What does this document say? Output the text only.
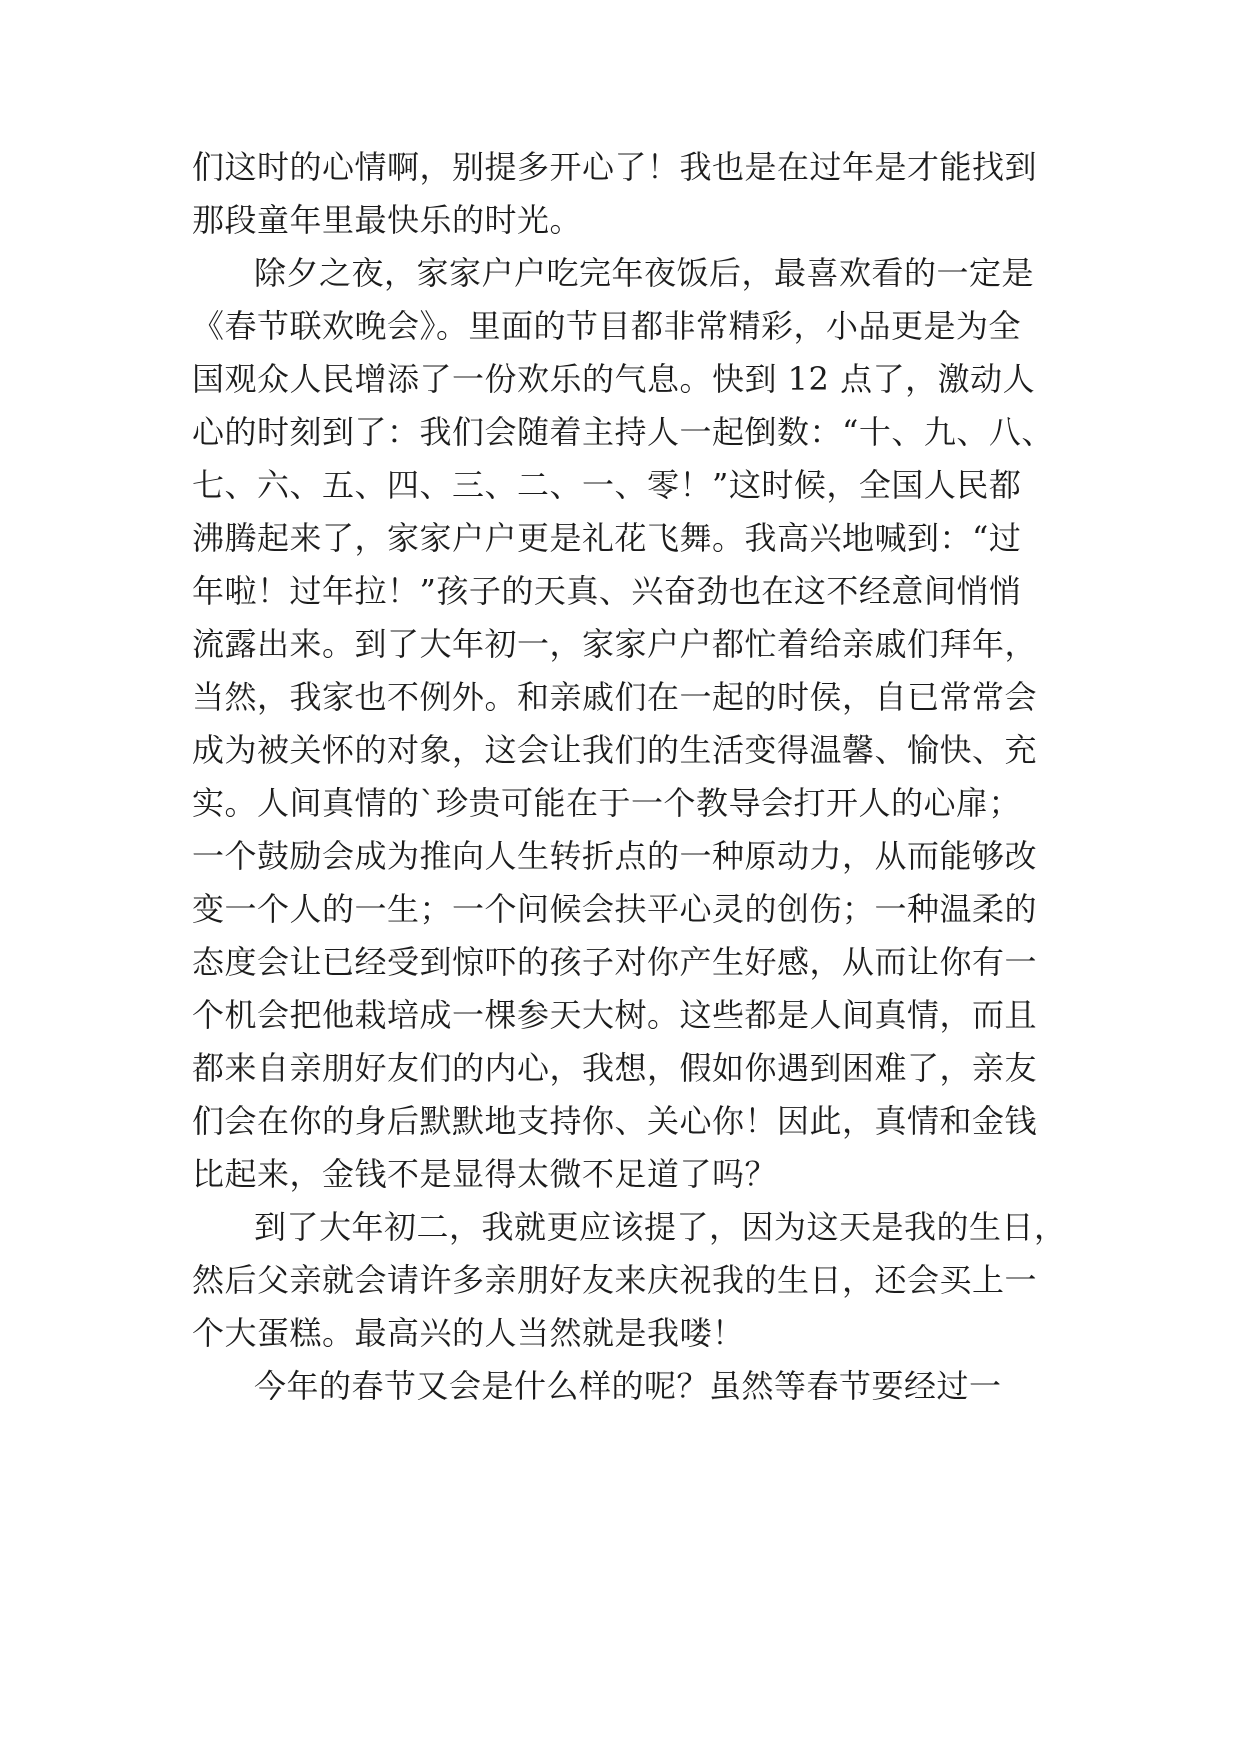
们这时的心情啊，别提多开心了！我也是在过年是才能找到

那段童年里最快乐的时光。

除夕之夜，家家户户吃完年夜饭后，最喜欢看的一定是

《春节联欢晚会》。里面的节目都非常精彩，小品更是为全

国观众人民增添了一份欢乐的气息。快到 12 点了，激动人

心的时刻到了：我们会随着主持人一起倒数：“十、九、八、

七、六、五、四、三、二、一、零！”这时候，全国人民都

沸腾起来了，家家户户更是礼花飞舞。我高兴地喊到：“过

年啦！过年拉！”孩子的天真、兴奋劲也在这不经意间悄悄

流露出来。到了大年初一，家家户户都忙着给亲戚们拜年，

当然，我家也不例外。和亲戚们在一起的时侯，自已常常会

成为被关怀的对象，这会让我们的生活变得温馨、愉快、充

实。人间真情的`珍贵可能在于一个教导会打开人的心扉；

一个鼓励会成为推向人生转折点的一种原动力，从而能够改

变一个人的一生；一个问候会扶平心灵的创伤；一种温柔的

态度会让已经受到惊吓的孩子对你产生好感，从而让你有一

个机会把他栽培成一棵参天大树。这些都是人间真情，而且

都来自亲朋好友们的内心，我想，假如你遇到困难了，亲友

们会在你的身后默默地支持你、关心你！因此，真情和金钱

比起来，金钱不是显得太微不足道了吗？

到了大年初二，我就更应该提了，因为这天是我的生日，

然后父亲就会请许多亲朋好友来庆祝我的生日，还会买上一

个大蛋糕。最高兴的人当然就是我喽！

今年的春节又会是什么样的呢？虽然等春节要经过一
